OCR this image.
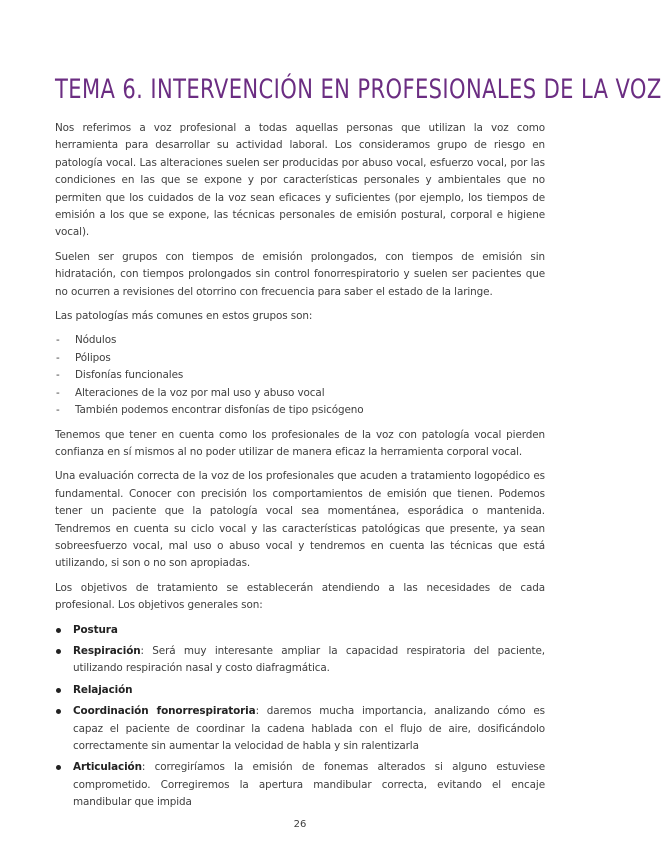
TEMA 6. INTERVENCIÓN EN PROFESIONALES DE LA VOZ

Nos referimos a voz profesional a todas aquellas personas que utilizan la voz como herramienta para desarrollar su actividad laboral. Los consideramos grupo de riesgo en patología vocal. Las alteraciones suelen ser producidas por abuso vocal, esfuerzo vocal, por las condiciones en las que se expone y por características personales y ambientales que no permiten que los cuidados de la voz sean eficaces y suficientes (por ejemplo, los tiempos de emisión a los que se expone, las técnicas personales de emisión postural, corporal e higiene vocal).

Suelen ser grupos con tiempos de emisión prolongados, con tiempos de emisión sin hidratación, con tiempos prolongados sin control fonorrespiratorio y suelen ser pacientes que no ocurren a revisiones del otorrino con frecuencia para saber el estado de la laringe.

Las patologías más comunes en estos grupos son:

- Nódulos
- Pólipos
- Disfonías funcionales
- Alteraciones de la voz por mal uso y abuso vocal
- También podemos encontrar disfonías de tipo psicógeno

Tenemos que tener en cuenta como los profesionales de la voz con patología vocal pierden confianza en sí mismos al no poder utilizar de manera eficaz la herramienta corporal vocal.

Una evaluación correcta de la voz de los profesionales que acuden a tratamiento logopédico es fundamental. Conocer con precisión los comportamientos de emisión que tienen. Podemos tener un paciente que la patología vocal sea momentánea, esporádica o mantenida. Tendremos en cuenta su ciclo vocal y las características patológicas que presente, ya sean sobreesfuerzo vocal, mal uso o abuso vocal y tendremos en cuenta las técnicas que está utilizando, si son o no son apropiadas.

Los objetivos de tratamiento se establecerán atendiendo a las necesidades de cada profesional. Los objetivos generales son:

Postura
Respiración: Será muy interesante ampliar la capacidad respiratoria del paciente, utilizando respiración nasal y costo diafragmática.
Relajación
Coordinación fonorrespiratoria: daremos mucha importancia, analizando cómo es capaz el paciente de coordinar la cadena hablada con el flujo de aire, dosificándolo correctamente sin aumentar la velocidad de habla y sin ralentizarla
Articulación: corregiríamos la emisión de fonemas alterados si alguno estuviese comprometido. Corregiremos la apertura mandibular correcta, evitando el encaje mandibular que impida
26
